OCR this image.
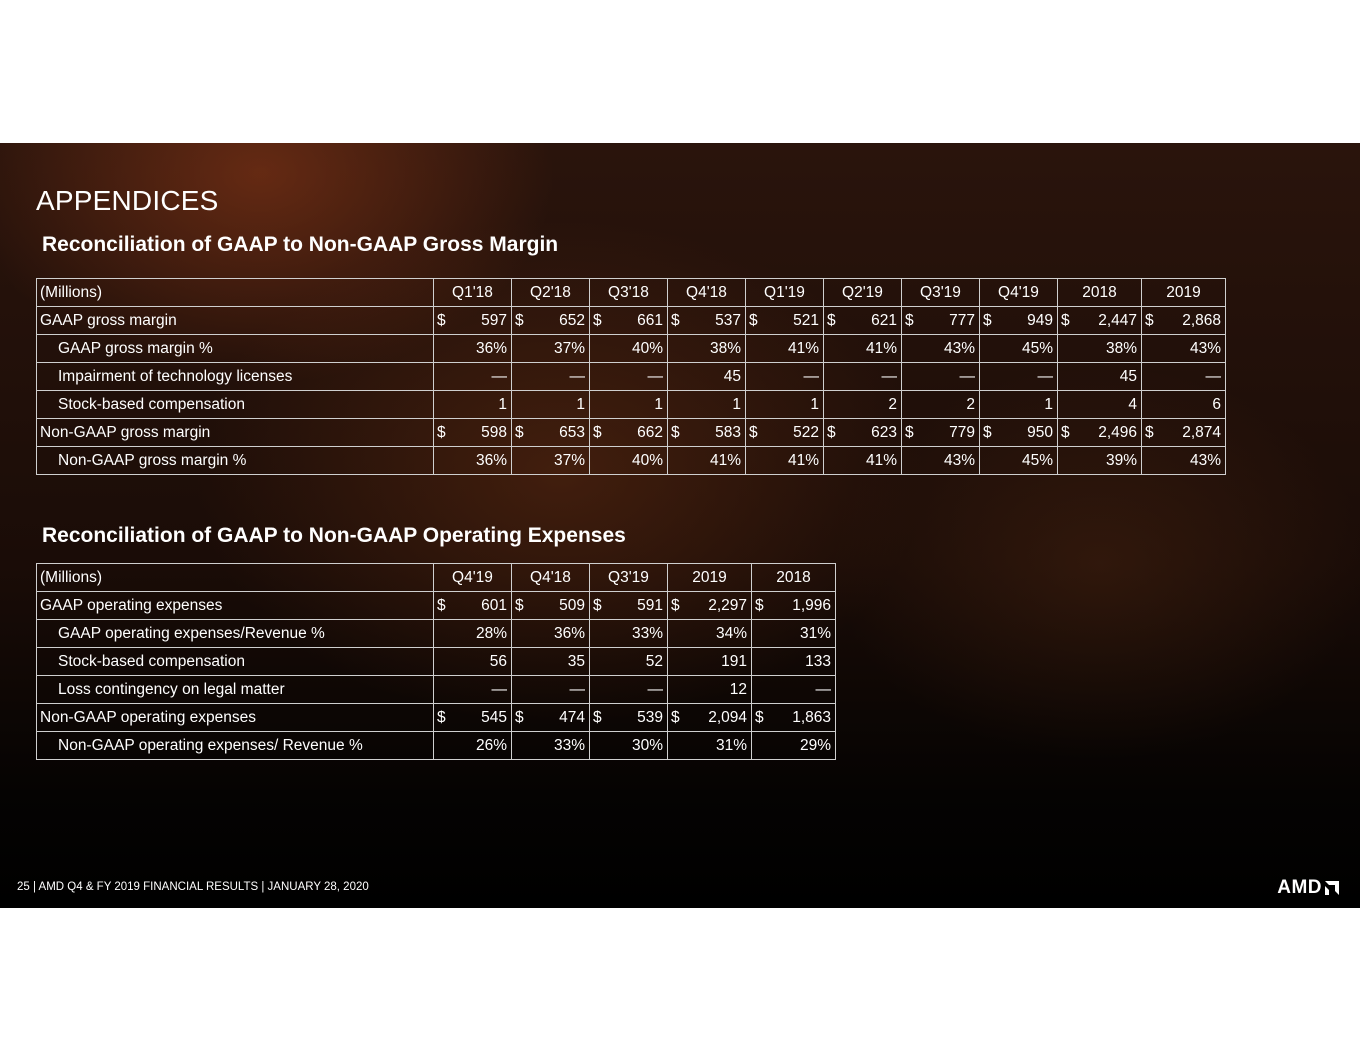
APPENDICES
Reconciliation of GAAP to Non-GAAP Gross Margin
(Millions)	Q1'18	Q2'18	Q3'18	Q4'18	Q1'19	Q2'19	Q3'19	Q4'19	2018	2019
GAAP gross margin	$ 597	$ 652	$ 661	$ 537	$ 521	$ 621	$ 777	$ 949	$ 2,447	$ 2,868

GAAP gross margin %	36%	37%	40%	38%	41%	41%	43%	45%	38%	43%
Impairment of technology licenses	—	—	—	45	—	—	—	—	45	—
Stock-based compensation	1	1	1	1	1	2	2	1	4	6
Non-GAAP gross margin	$ 598	$ 653	$ 662	$ 583	$ 522	$ 623	$ 779	$ 950	$ 2,496	$ 2,874

Non-GAAP gross margin %	36%	37%	40%	41%	41%	41%	43%	45%	39%	43%
Reconciliation of GAAP to Non-GAAP Operating Expenses
(Millions)	Q4'19	Q4'18	Q3'19	2019	2018
GAAP operating expenses	$ 601	$ 509	$ 591	$ 2,297	$ 1,996

GAAP operating expenses/Revenue %	28%	36%	33%	34%	31%
Stock-based compensation	56	35	52	191	133
Loss contingency on legal matter	—	—	—	12	—
Non-GAAP operating expenses	$ 545	$ 474	$ 539	$ 2,094	$ 1,863

Non-GAAP operating expenses/ Revenue %	26%	33%	30%	31%	29%
25 | AMD Q4 & FY 2019 FINANCIAL RESULTS | JANUARY 28, 2020	AMD
